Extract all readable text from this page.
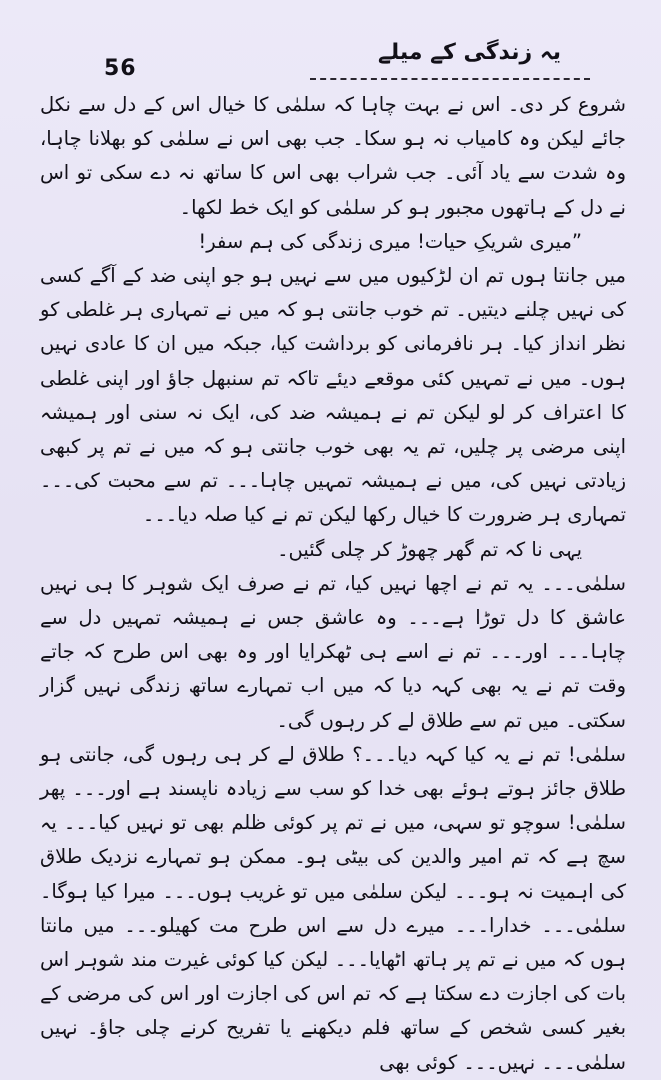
56
یہ زندگی کے میلے

شروع کر دی۔ اس نے بہت چاہا کہ سلمٰی کا خیال اس کے دل سے نکل جائے لیکن وہ کامیاب نہ ہو سکا۔ جب بھی اس نے سلمٰی کو بھلانا چاہا، وہ شدت سے یاد آئی۔ جب شراب بھی اس کا ساتھ نہ دے سکی تو اس نے دل کے ہاتھوں مجبور ہو کر سلمٰی کو ایک خط لکھا۔

”میری شریکِ حیات! میری زندگی کی ہم سفر!

میں جانتا ہوں تم ان لڑکیوں میں سے نہیں ہو جو اپنی ضد کے آگے کسی کی نہیں چلنے دیتیں۔ تم خوب جانتی ہو کہ میں نے تمہاری ہر غلطی کو نظر انداز کیا۔ ہر نافرمانی کو برداشت کیا، جبکہ میں ان کا عادی نہیں ہوں۔ میں نے تمہیں کئی موقعے دیئے تاکہ تم سنبھل جاؤ اور اپنی غلطی کا اعتراف کر لو لیکن تم نے ہمیشہ ضد کی، ایک نہ سنی اور ہمیشہ اپنی مرضی پر چلیں، تم یہ بھی خوب جانتی ہو کہ میں نے تم پر کبھی زیادتی نہیں کی، میں نے ہمیشہ تمہیں چاہا۔۔۔ تم سے محبت کی۔۔۔ تمہاری ہر ضرورت کا خیال رکھا لیکن تم نے کیا صلہ دیا۔۔۔

یہی نا کہ تم گھر چھوڑ کر چلی گئیں۔

سلمٰی۔۔۔ یہ تم نے اچھا نہیں کیا، تم نے صرف ایک شوہر کا ہی نہیں عاشق کا دل توڑا ہے۔۔۔ وہ عاشق جس نے ہمیشہ تمہیں دل سے چاہا۔۔۔ اور۔۔۔ تم نے اسے ہی ٹھکرایا اور وہ بھی اس طرح کہ جاتے وقت تم نے یہ بھی کہہ دیا کہ میں اب تمہارے ساتھ زندگی نہیں گزار سکتی۔ میں تم سے طلاق لے کر رہوں گی۔

سلمٰی! تم نے یہ کیا کہہ دیا۔۔۔؟ طلاق لے کر ہی رہوں گی، جانتی ہو طلاق جائز ہوتے ہوئے بھی خدا کو سب سے زیادہ ناپسند ہے اور۔۔۔ پھر سلمٰی! سوچو تو سہی، میں نے تم پر کوئی ظلم بھی تو نہیں کیا۔۔۔ یہ سچ ہے کہ تم امیر والدین کی بیٹی ہو۔ ممکن ہو تمہارے نزدیک طلاق کی اہمیت نہ ہو۔۔۔ لیکن سلمٰی میں تو غریب ہوں۔۔۔ میرا کیا ہوگا۔ سلمٰی۔۔۔ خدارا۔۔۔ میرے دل سے اس طرح مت کھیلو۔۔۔ میں مانتا ہوں کہ میں نے تم پر ہاتھ اٹھایا۔۔۔ لیکن کیا کوئی غیرت مند شوہر اس بات کی اجازت دے سکتا ہے کہ تم اس کی اجازت اور اس کی مرضی کے بغیر کسی شخص کے ساتھ فلم دیکھنے یا تفریح کرنے چلی جاؤ۔ نہیں سلمٰی۔۔۔ نہیں۔۔۔ کوئی بھی
